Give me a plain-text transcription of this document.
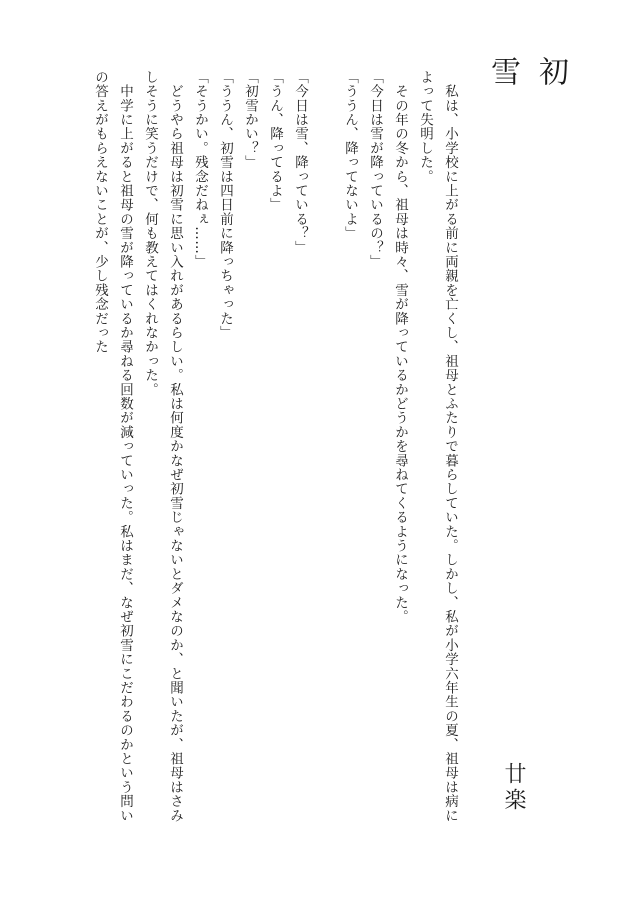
初雪
　私は、小学校に上がる前に両親を亡くし、祖母とふたりで暮らしていた。しかし、私が小学六年生の夏、祖母は病によって失明した。
　その年の冬から、祖母は時々、雪が降っているかどうかを尋ねてくるようになった。
「今日は雪が降っているの？」
「ううん、降ってないよ」

「今日は雪、降っている？」
「うん、降ってるよ」
「初雪かい？」
「ううん、初雪は四日前に降っちゃった」
「そうかい。残念だねぇ……」
　どうやら祖母は初雪に思い入れがあるらしい。私は何度かなぜ初雪じゃないとダメなのか、と聞いたが、祖母はさみしそうに笑うだけで、何も教えてはくれなかった。
　中学に上がると祖母の雪が降っているか尋ねる回数が減っていった。私はまだ、なぜ初雪にこだわるのかという問いの答えがもらえないことが、少し残念だった
廿楽
